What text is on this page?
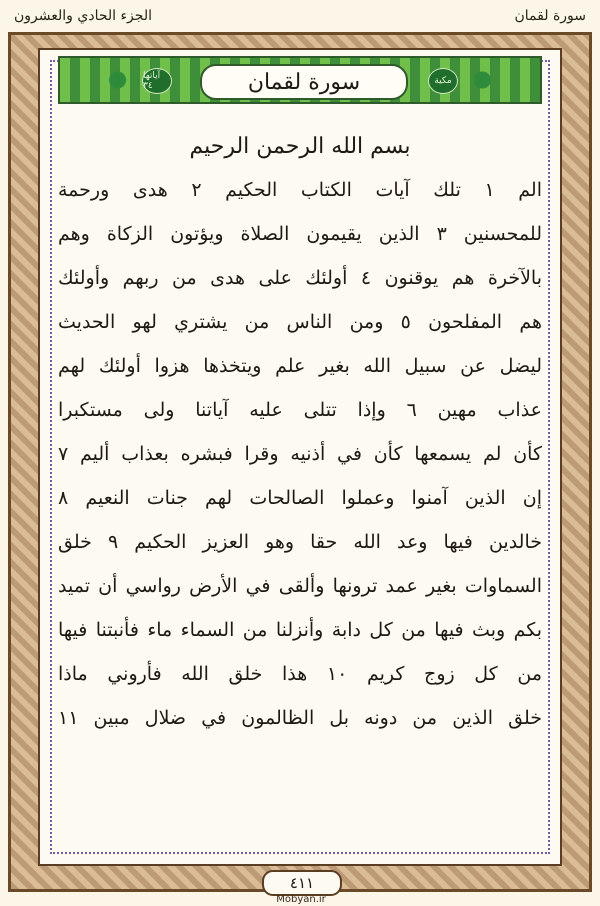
سورة لقمان
الجزء الحادي والعشرون
آياتها ٣٤	سورة لقمان	مكية
بسم الله الرحمن الرحيم
الم ١ تلك آيات الكتاب الحكيم ٢ هدى ورحمة
للمحسنين ٣ الذين يقيمون الصلاة ويؤتون الزكاة وهم
بالآخرة هم يوقنون ٤ أولئك على هدى من ربهم وأولئك
هم المفلحون ٥ ومن الناس من يشتري لهو الحديث
ليضل عن سبيل الله بغير علم ويتخذها هزوا أولئك لهم
عذاب مهين ٦ وإذا تتلى عليه آياتنا ولى مستكبرا
كأن لم يسمعها كأن في أذنيه وقرا فبشره بعذاب أليم ٧
إن الذين آمنوا وعملوا الصالحات لهم جنات النعيم ٨
خالدين فيها وعد الله حقا وهو العزيز الحكيم ٩ خلق
السماوات بغير عمد ترونها وألقى في الأرض رواسي أن تميد
بكم وبث فيها من كل دابة وأنزلنا من السماء ماء فأنبتنا فيها
من كل زوج كريم ١٠ هذا خلق الله فأروني ماذا
خلق الذين من دونه بل الظالمون في ضلال مبين ١١
٤١١
Mobyan.ir
